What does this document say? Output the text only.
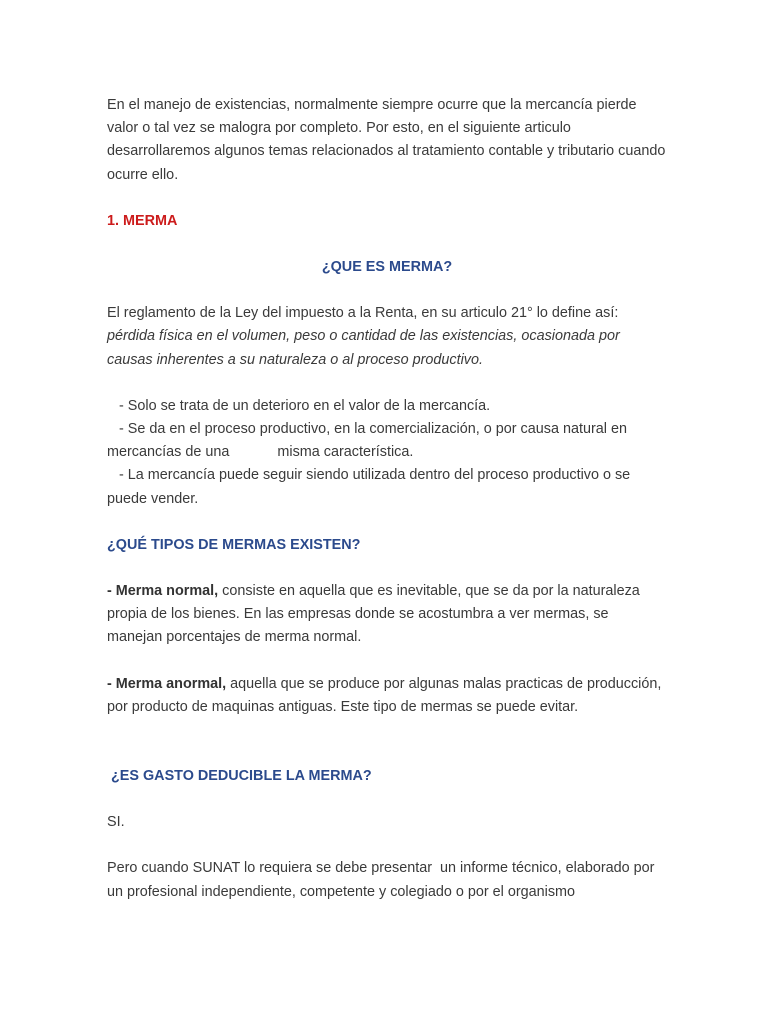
En el manejo de existencias, normalmente siempre ocurre que la mercancía pierde valor o tal vez se malogra por completo. Por esto, en el siguiente articulo desarrollaremos algunos temas relacionados al tratamiento contable y tributario cuando ocurre ello.

1. MERMA

¿QUE ES MERMA?

El reglamento de la Ley del impuesto a la Renta, en su articulo 21° lo define así: pérdida física en el volumen, peso o cantidad de las existencias, ocasionada por causas inherentes a su naturaleza o al proceso productivo.

- Solo se trata de un deterioro en el valor de la mercancía.

- Se da en el proceso productivo, en la comercialización, o por causa natural en mercancías de una	misma característica.

- La mercancía puede seguir siendo utilizada dentro del proceso productivo o se puede vender.

¿QUÉ TIPOS DE MERMAS EXISTEN?

- Merma normal, consiste en aquella que es inevitable, que se da por la naturaleza propia de los bienes. En las empresas donde se acostumbra a ver mermas, se manejan porcentajes de merma normal.

- Merma anormal, aquella que se produce por algunas malas practicas de producción, por producto de maquinas antiguas. Este tipo de mermas se puede evitar.

¿ES GASTO DEDUCIBLE LA MERMA?

SI.

Pero cuando SUNAT lo requiera se debe presentar  un informe técnico, elaborado por un profesional independiente, competente y colegiado o por el organismo
